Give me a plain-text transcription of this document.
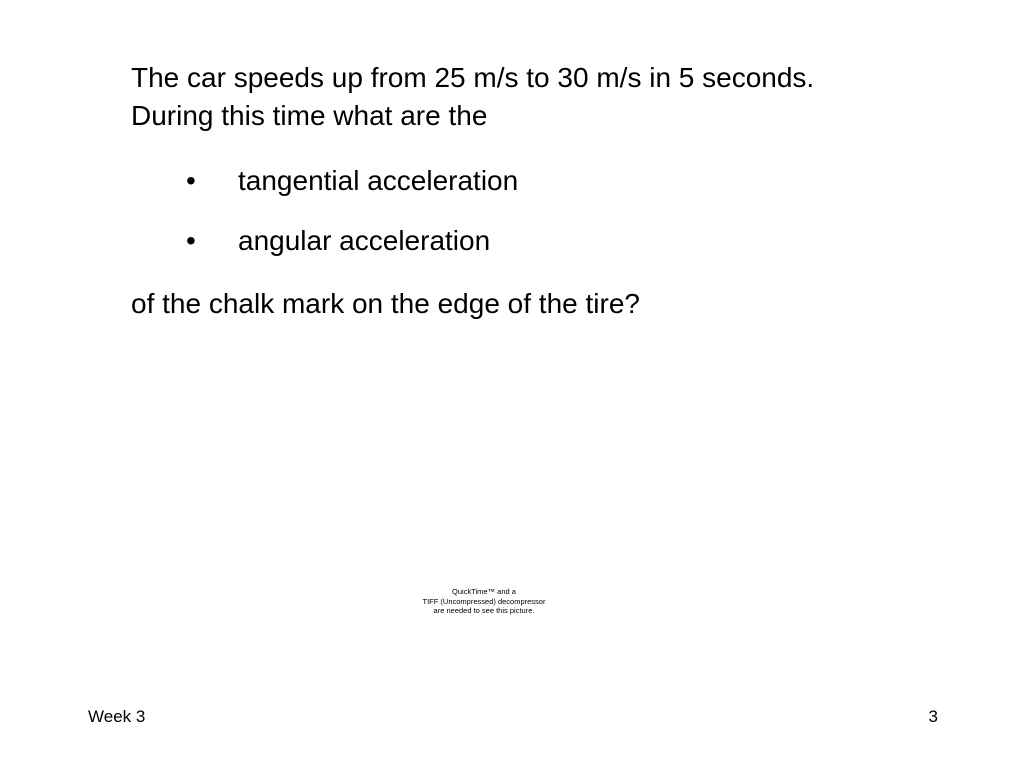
The car speeds up from 25 m/s to 30 m/s in 5 seconds.
During this time what are the

•	tangential acceleration
•	angular acceleration

of the chalk mark on the edge of the tire?

QuickTime™ and a
TIFF (Uncompressed) decompressor
are needed to see this picture.
Week 3	3
